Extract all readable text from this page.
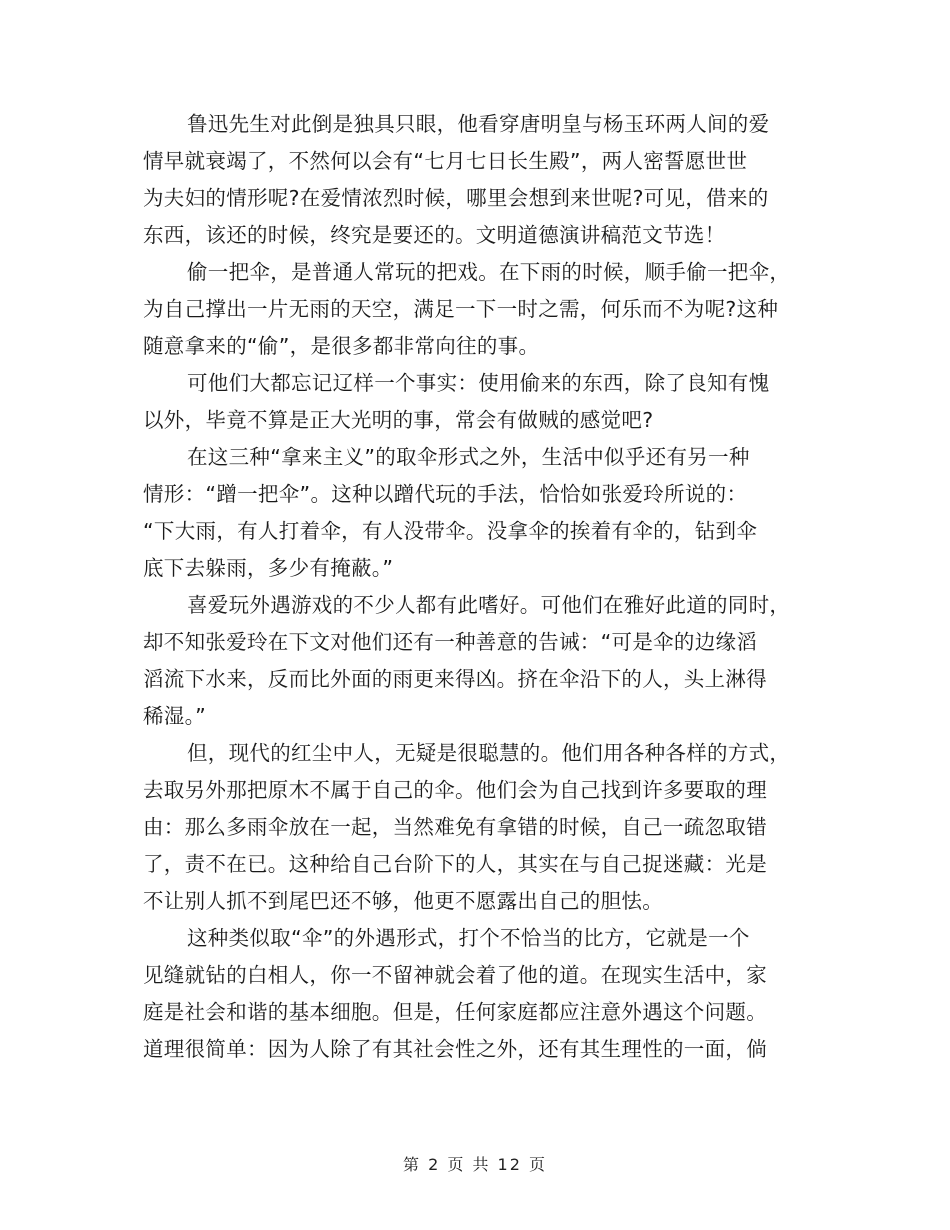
鲁迅先生对此倒是独具只眼，他看穿唐明皇与杨玉环两人间的爱
情早就衰竭了，不然何以会有“七月七日长生殿”，两人密誓愿世世
为夫妇的情形呢?在爱情浓烈时候，哪里会想到来世呢?可见，借来的
东西，该还的时候，终究是要还的。文明道德演讲稿范文节选！
偷一把伞，是普通人常玩的把戏。在下雨的时候，顺手偷一把伞，
为自己撑出一片无雨的天空，满足一下一时之需，何乐而不为呢?这种
随意拿来的“偷”，是很多都非常向往的事。
可他们大都忘记辽样一个事实：使用偷来的东西，除了良知有愧
以外，毕竟不算是正大光明的事，常会有做贼的感觉吧?
在这三种“拿来主义”的取伞形式之外，生活中似乎还有另一种
情形：“蹭一把伞”。这种以蹭代玩的手法，恰恰如张爱玲所说的：
“下大雨，有人打着伞，有人没带伞。没拿伞的挨着有伞的，钻到伞
底下去躲雨，多少有掩蔽。”
喜爱玩外遇游戏的不少人都有此嗜好。可他们在雅好此道的同时，
却不知张爱玲在下文对他们还有一种善意的告诫：“可是伞的边缘滔
滔流下水来，反而比外面的雨更来得凶。挤在伞沿下的人，头上淋得
稀湿。”
但，现代的红尘中人，无疑是很聪慧的。他们用各种各样的方式，
去取另外那把原木不属于自己的伞。他们会为自己找到许多要取的理
由：那么多雨伞放在一起，当然难免有拿错的时候，自己一疏忽取错
了，责不在已。这种给自己台阶下的人，其实在与自己捉迷藏：光是
不让别人抓不到尾巴还不够，他更不愿露出自己的胆怯。
这种类似取“伞”的外遇形式，打个不恰当的比方，它就是一个
见缝就钻的白相人，你一不留神就会着了他的道。在现实生活中，家
庭是社会和谐的基本细胞。但是，任何家庭都应注意外遇这个问题。
道理很简单：因为人除了有其社会性之外，还有其生理性的一面，倘
第 2 页 共 12 页
